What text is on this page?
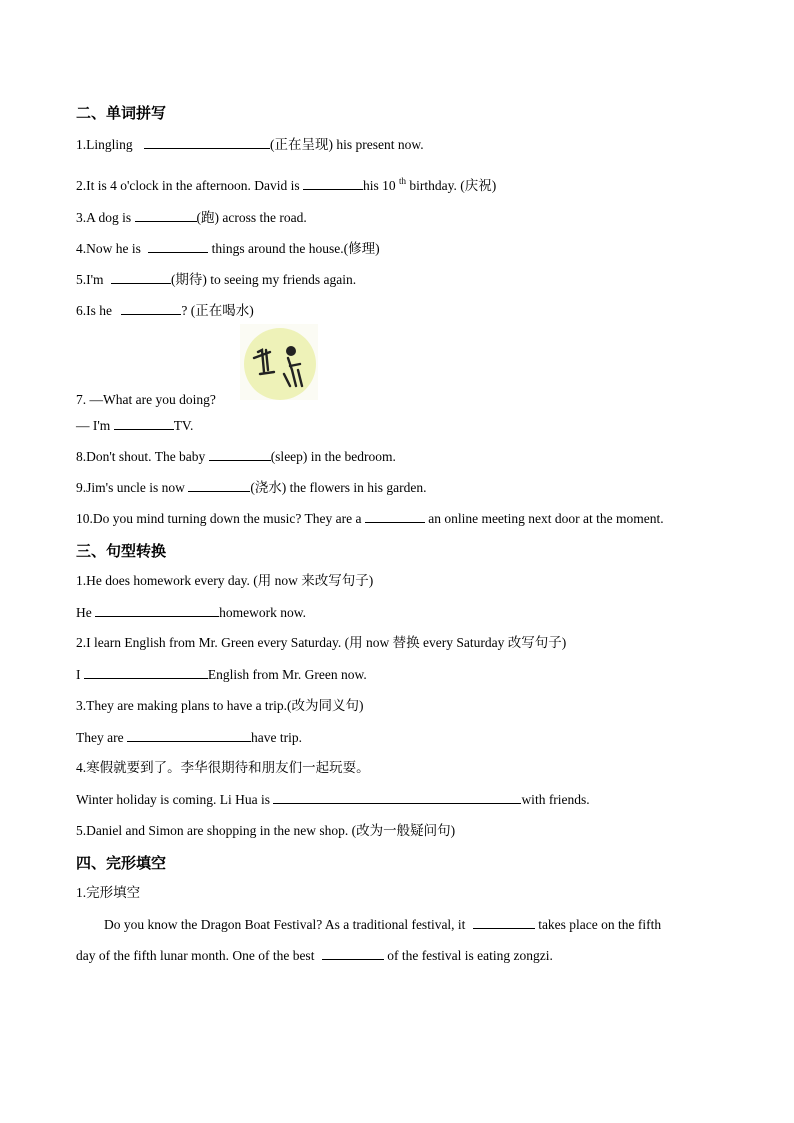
二、单词拼写
1.Lingling	(正在呈现) his present now.
2.It is 4 o'clock in the afternoon. David is	his 10 $^{th}$ birthday. (庆祝)
3.A dog is	(跑) across the road.
4.Now he is	things around the house.(修理)
5.I'm	(期待) to seeing my friends again.
6.Is he	? (正在喝水)
7. —What are you doing?
— I'm	TV.
8.Don't shout. The baby	(sleep) in the bedroom.
9.Jim's uncle is now	(浇水) the flowers in his garden.
10.Do you mind turning down the music? They are a	an online meeting next door at the moment.
三、句型转换
1.He does homework every day. (用 now 来改写句子)
He	homework now.
2.I learn English from Mr. Green every Saturday. (用 now 替换 every Saturday 改写句子)
I	English from Mr. Green now.
3.They are making plans to have a trip.(改为同义句)
They are	have trip.
4.寒假就要到了。李华很期待和朋友们一起玩耍。
Winter holiday is coming. Li Hua is	with friends.
5.Daniel and Simon are shopping in the new shop. (改为一般疑问句)
四、完形填空
1.完形填空
Do you know the Dragon Boat Festival? As a traditional festival, it	takes place on the fifth
day of the fifth lunar month. One of the best	of the festival is eating zongzi.
